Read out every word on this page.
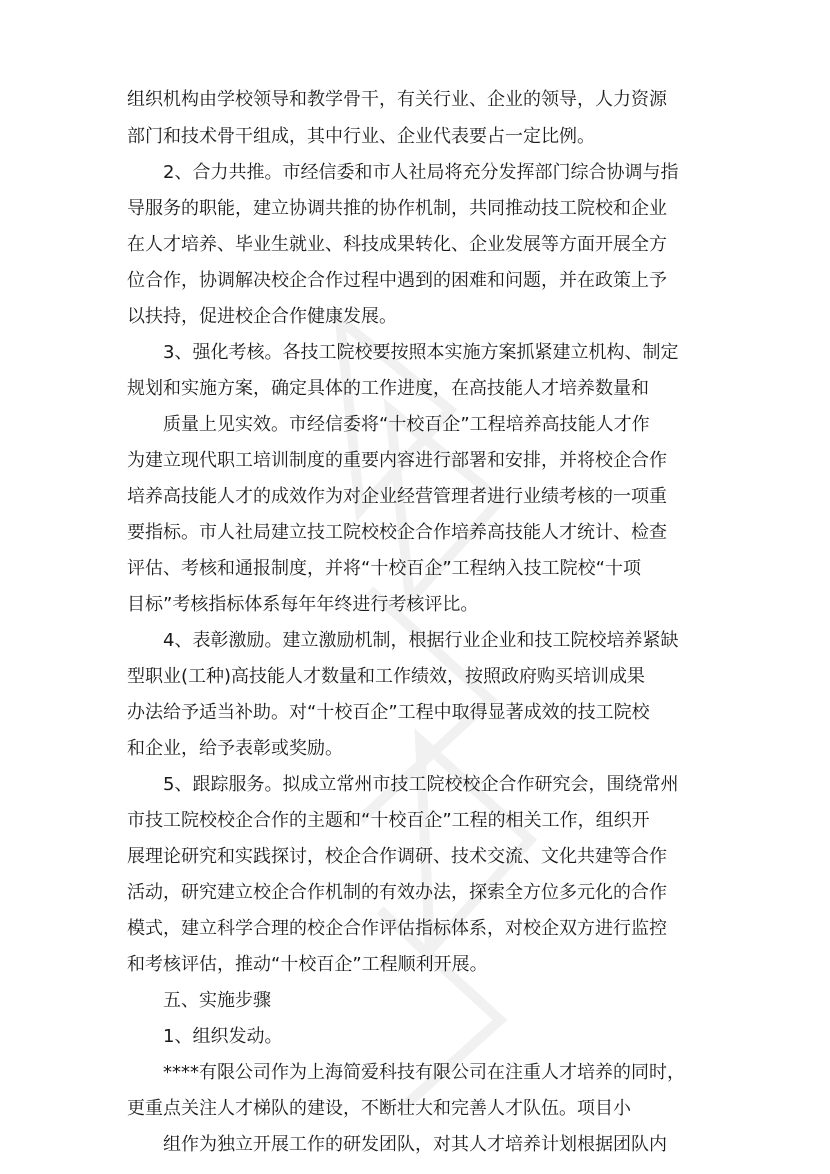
组织机构由学校领导和教学骨干，有关行业、企业的领导，人力资源
部门和技术骨干组成，其中行业、企业代表要占一定比例。
2、合力共推。市经信委和市人社局将充分发挥部门综合协调与指
导服务的职能，建立协调共推的协作机制，共同推动技工院校和企业
在人才培养、毕业生就业、科技成果转化、企业发展等方面开展全方
位合作，协调解决校企合作过程中遇到的困难和问题，并在政策上予
以扶持，促进校企合作健康发展。
3、强化考核。各技工院校要按照本实施方案抓紧建立机构、制定
规划和实施方案，确定具体的工作进度，在高技能人才培养数量和
质量上见实效。市经信委将“十校百企”工程培养高技能人才作
为建立现代职工培训制度的重要内容进行部署和安排，并将校企合作
培养高技能人才的成效作为对企业经营管理者进行业绩考核的一项重
要指标。市人社局建立技工院校校企合作培养高技能人才统计、检查
评估、考核和通报制度，并将“十校百企”工程纳入技工院校“十项
目标”考核指标体系每年年终进行考核评比。
4、表彰激励。建立激励机制，根据行业企业和技工院校培养紧缺
型职业(工种)高技能人才数量和工作绩效，按照政府购买培训成果
办法给予适当补助。对“十校百企”工程中取得显著成效的技工院校
和企业，给予表彰或奖励。
5、跟踪服务。拟成立常州市技工院校校企合作研究会，围绕常州
市技工院校校企合作的主题和“十校百企”工程的相关工作，组织开
展理论研究和实践探讨，校企合作调研、技术交流、文化共建等合作
活动，研究建立校企合作机制的有效办法，探索全方位多元化的合作
模式，建立科学合理的校企合作评估指标体系，对校企双方进行监控
和考核评估，推动“十校百企”工程顺利开展。
五、实施步骤
1、组织发动。
****有限公司作为上海简爱科技有限公司在注重人才培养的同时，
更重点关注人才梯队的建设，不断壮大和完善人才队伍。项目小
组作为独立开展工作的研发团队，对其人才培养计划根据团队内
